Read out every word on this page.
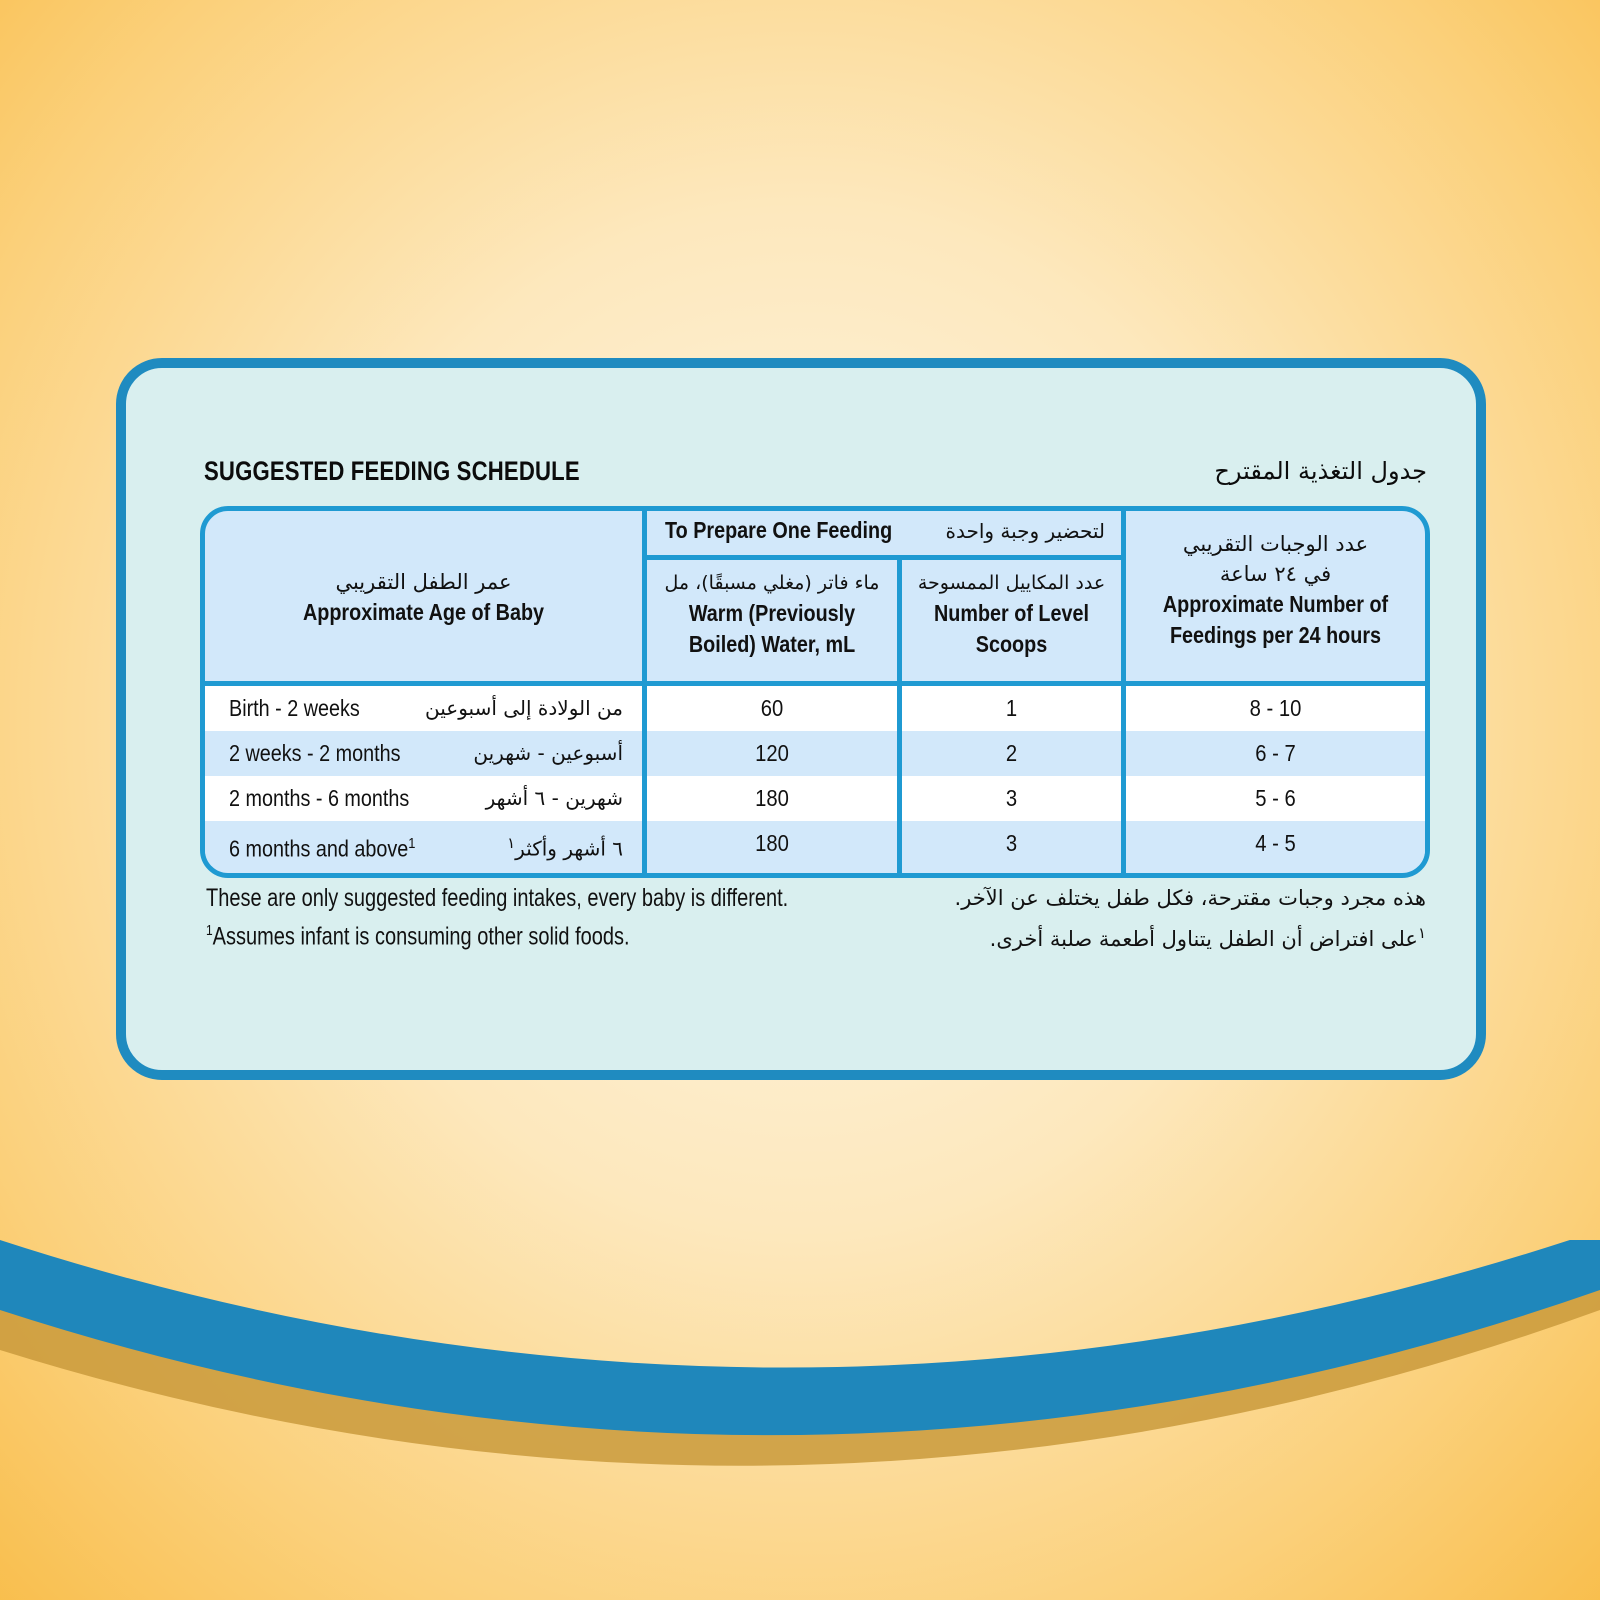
SUGGESTED FEEDING SCHEDULE	جدول التغذية المقترح
عمر الطفل التقريبي
Approximate Age of Baby
To Prepare One Feeding	لتحضير وجبة واحدة
ماء فاتر (مغلي مسبقًا)، مل
Warm (Previously
Boiled) Water, mL
عدد المكاييل الممسوحة
Number of Level
Scoops
عدد الوجبات التقريبي
في ٢٤ ساعة
Approximate Number of
Feedings per 24 hours
Birth - 2 weeks	من الولادة إلى أسبوعين	60	1	8 - 10
2 weeks - 2 months	أسبوعين - شهرين	120	2	6 - 7
2 months - 6 months	شهرين - ٦ أشهر	180	3	5 - 6
6 months and above$^1$	٦ أشهر وأكثر$^١$	180	3	4 - 5
These are only suggested feeding intakes, every baby is different.
$^1$Assumes infant is consuming other solid foods.
هذه مجرد وجبات مقترحة، فكل طفل يختلف عن الآخر.
$^١$على افتراض أن الطفل يتناول أطعمة صلبة أخرى.
